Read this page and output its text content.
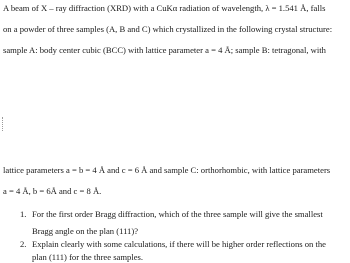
A beam of X – ray diffraction (XRD) with a CuKα radiation of wavelength, λ = 1.541 Å, falls
on a powder of three samples (A, B and C) which crystallized in the following crystal structure:
sample A: body center cubic (BCC) with lattice parameter a = 4 Å; sample B: tetragonal, with
lattice parameters a = b = 4 Å and c = 6 Å and sample C: orthorhombic, with lattice parameters
a = 4 Å, b = 6Å and c = 8 Å.
1. For the first order Bragg diffraction, which of the three sample will give the smallest
Bragg angle on the plan (111)?
2. Explain clearly with some calculations, if there will be higher order reflections on the
plan (111) for the three samples.
